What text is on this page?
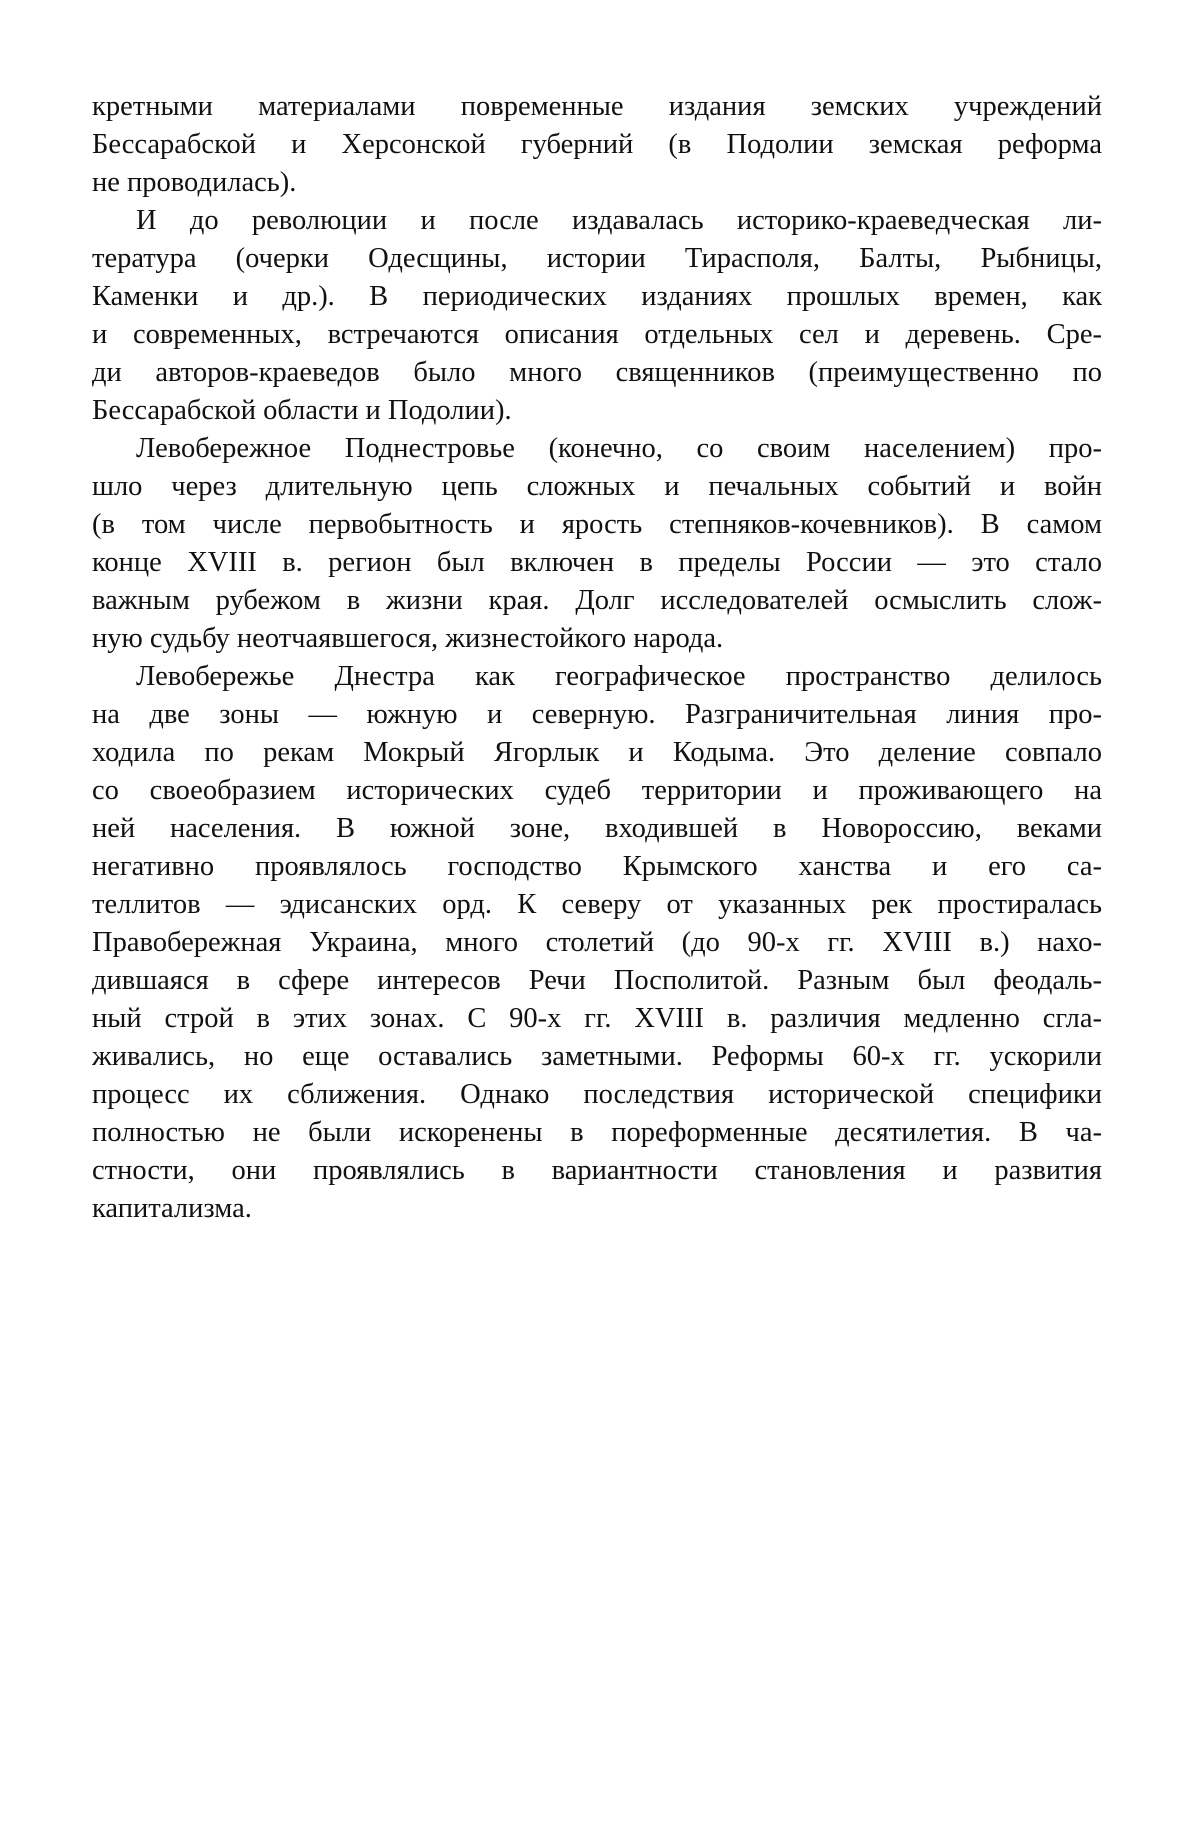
кретными материалами повременные издания земских учреждений
Бессарабской и Херсонской губерний (в Подолии земская реформа
не проводилась).
И до революции и после издавалась историко-краеведческая ли-
тература (очерки Одесщины, истории Тирасполя, Балты, Рыбницы,
Каменки и др.). В периодических изданиях прошлых времен, как
и современных, встречаются описания отдельных сел и деревень. Сре-
ди авторов-краеведов было много священников (преимущественно по
Бессарабской области и Подолии).
Левобережное Поднестровье (конечно, со своим населением) про-
шло через длительную цепь сложных и печальных событий и войн
(в том числе первобытность и ярость степняков-кочевников). В самом
конце XVIII в. регион был включен в пределы России — это стало
важным рубежом в жизни края. Долг исследователей осмыслить слож-
ную судьбу неотчаявшегося, жизнестойкого народа.
Левобережье Днестра как географическое пространство делилось
на две зоны — южную и северную. Разграничительная линия про-
ходила по рекам Мокрый Ягорлык и Кодыма. Это деление совпало
со своеобразием исторических судеб территории и проживающего на
ней населения. В южной зоне, входившей в Новороссию, веками
негативно проявлялось господство Крымского ханства и его са-
теллитов — эдисанских орд. К северу от указанных рек простиралась
Правобережная Украина, много столетий (до 90-х гг. XVIII в.) нахо-
дившаяся в сфере интересов Речи Посполитой. Разным был феодаль-
ный строй в этих зонах. С 90-х гг. XVIII в. различия медленно сгла-
живались, но еще оставались заметными. Реформы 60-х гг. ускорили
процесс их сближения. Однако последствия исторической специфики
полностью не были искоренены в пореформенные десятилетия. В ча-
стности, они проявлялись в вариантности становления и развития
капитализма.
